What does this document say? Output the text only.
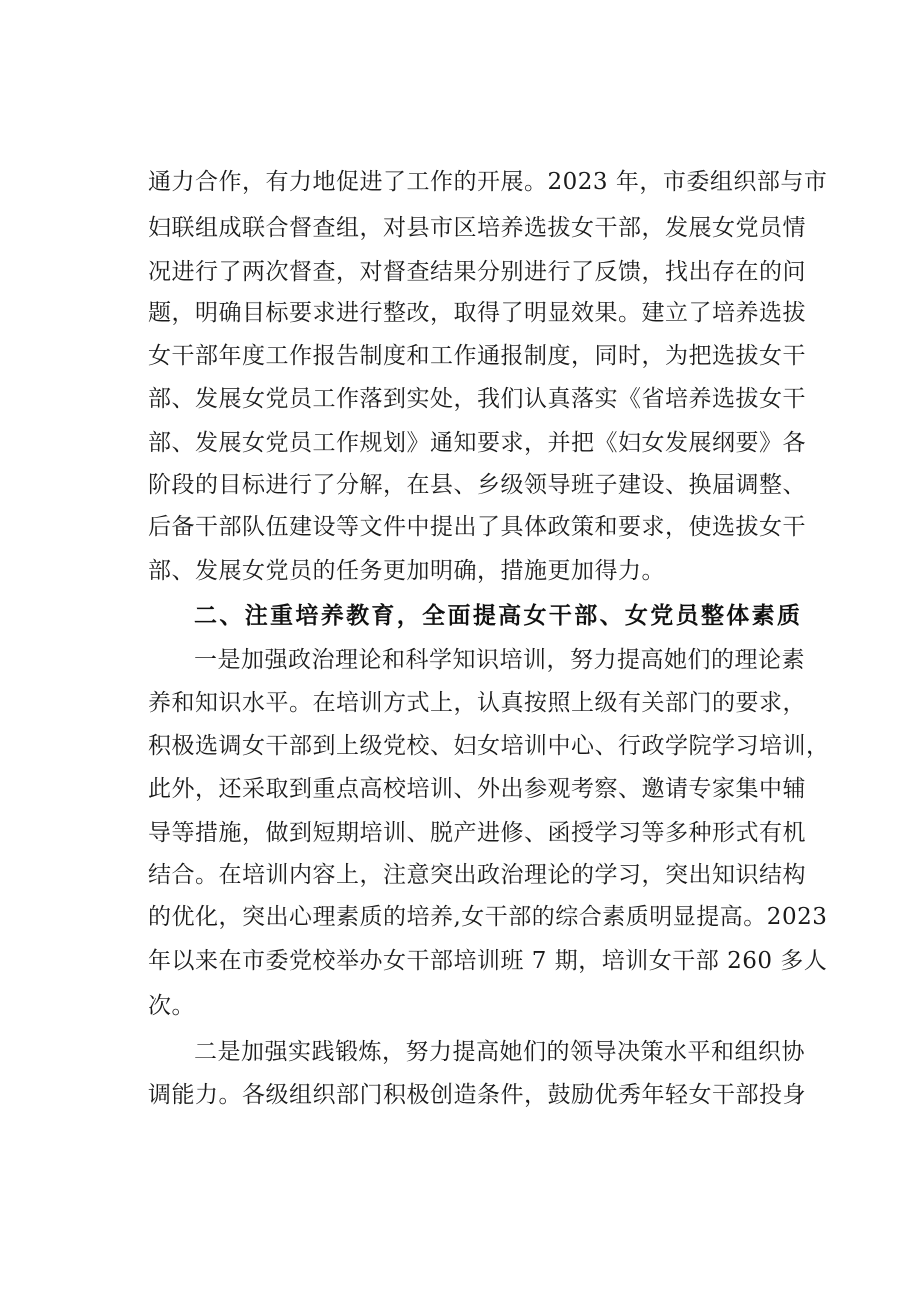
通力合作，有力地促进了工作的开展。2023 年，市委组织部与市
妇联组成联合督查组，对县市区培养选拔女干部，发展女党员情
况进行了两次督查，对督查结果分别进行了反馈，找出存在的问
题，明确目标要求进行整改，取得了明显效果。建立了培养选拔
女干部年度工作报告制度和工作通报制度，同时，为把选拔女干
部、发展女党员工作落到实处，我们认真落实《省培养选拔女干
部、发展女党员工作规划》通知要求，并把《妇女发展纲要》各
阶段的目标进行了分解，在县、乡级领导班子建设、换届调整、
后备干部队伍建设等文件中提出了具体政策和要求，使选拔女干
部、发展女党员的任务更加明确，措施更加得力。
二、注重培养教育，全面提高女干部、女党员整体素质
一是加强政治理论和科学知识培训，努力提高她们的理论素
养和知识水平。在培训方式上，认真按照上级有关部门的要求，
积极选调女干部到上级党校、妇女培训中心、行政学院学习培训，
此外，还采取到重点高校培训、外出参观考察、邀请专家集中辅
导等措施，做到短期培训、脱产进修、函授学习等多种形式有机
结合。在培训内容上，注意突出政治理论的学习，突出知识结构
的优化，突出心理素质的培养,女干部的综合素质明显提高。2023
年以来在市委党校举办女干部培训班 7 期，培训女干部 260 多人
次。
二是加强实践锻炼，努力提高她们的领导决策水平和组织协
调能力。各级组织部门积极创造条件，鼓励优秀年轻女干部投身
